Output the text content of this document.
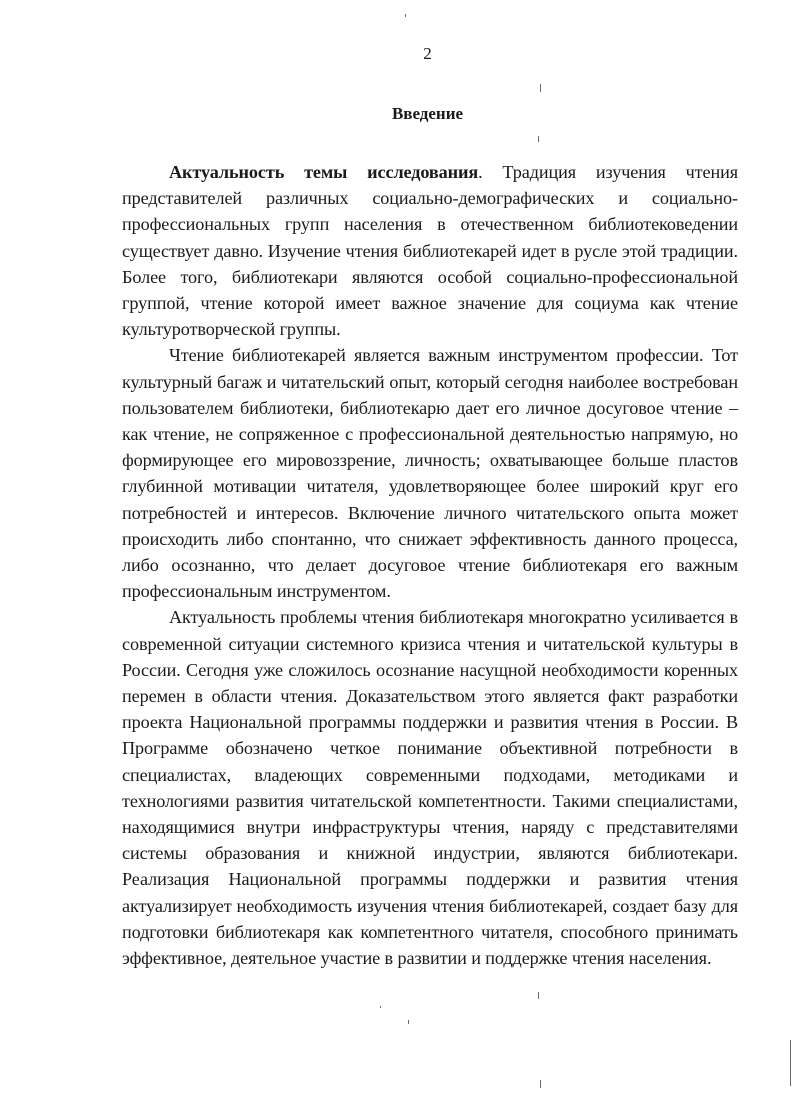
2
Введение

Актуальность темы исследования. Традиция изучения чтения представителей различных социально-демографических и социально-профессиональных групп населения в отечественном библиотековедении существует давно. Изучение чтения библиотекарей идет в русле этой традиции. Более того, библиотекари являются особой социально-профессиональной группой, чтение которой имеет важное значение для социума как чтение культуротворческой группы.

Чтение библиотекарей является важным инструментом профессии. Тот культурный багаж и читательский опыт, который сегодня наиболее востребован пользователем библиотеки, библиотекарю дает его личное досуговое чтение – как чтение, не сопряженное с профессиональной деятельностью напрямую, но формирующее его мировоззрение, личность; охватывающее больше пластов глубинной мотивации читателя, удовлетворяющее более широкий круг его потребностей и интересов. Включение личного читательского опыта может происходить либо спонтанно, что снижает эффективность данного процесса, либо осознанно, что делает досуговое чтение библиотекаря его важным профессиональным инструментом.

Актуальность проблемы чтения библиотекаря многократно усиливается в современной ситуации системного кризиса чтения и читательской культуры в России. Сегодня уже сложилось осознание насущной необходимости коренных перемен в области чтения. Доказательством этого является факт разработки проекта Национальной программы поддержки и развития чтения в России. В Программе обозначено четкое понимание объективной потребности в специалистах, владеющих современными подходами, методиками и технологиями развития читательской компетентности. Такими специалистами, находящимися внутри инфраструктуры чтения, наряду с представителями системы образования и книжной индустрии, являются библиотекари. Реализация Национальной программы поддержки и развития чтения актуализирует необходимость изучения чтения библиотекарей, создает базу для подготовки библиотекаря как компетентного читателя, способного принимать эффективное, деятельное участие в развитии и поддержке чтения населения.
